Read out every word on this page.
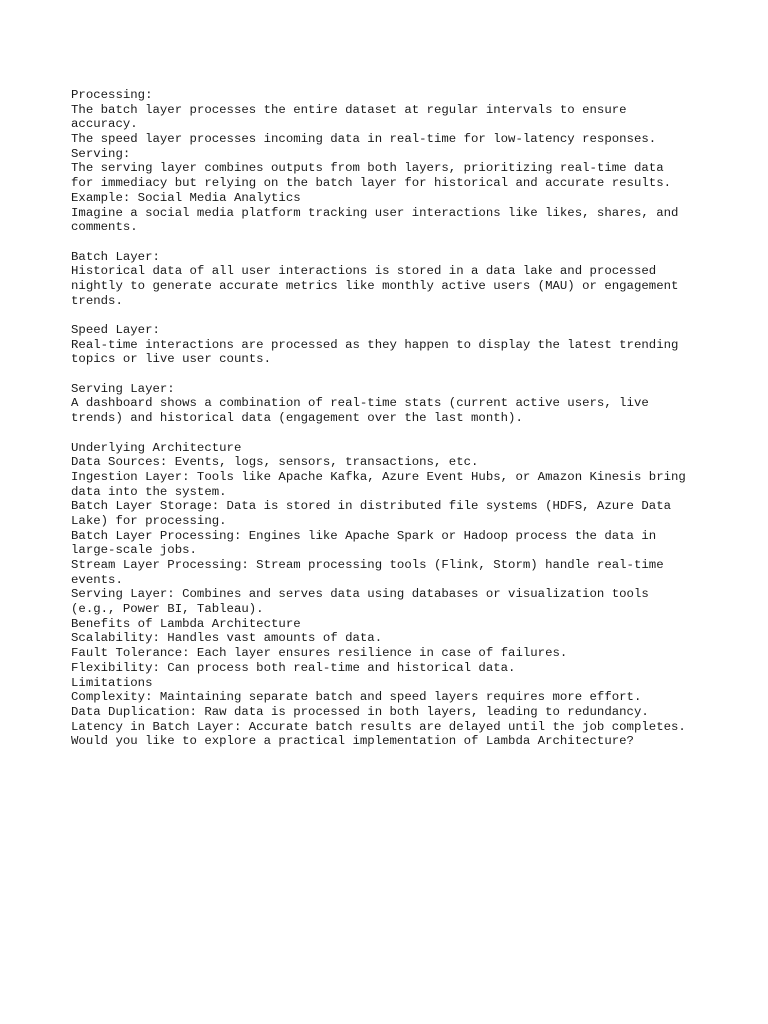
Processing:
The batch layer processes the entire dataset at regular intervals to ensure
accuracy.
The speed layer processes incoming data in real-time for low-latency responses.
Serving:
The serving layer combines outputs from both layers, prioritizing real-time data
for immediacy but relying on the batch layer for historical and accurate results.
Example: Social Media Analytics
Imagine a social media platform tracking user interactions like likes, shares, and
comments.
Batch Layer:
Historical data of all user interactions is stored in a data lake and processed
nightly to generate accurate metrics like monthly active users (MAU) or engagement
trends.
Speed Layer:
Real-time interactions are processed as they happen to display the latest trending
topics or live user counts.
Serving Layer:
A dashboard shows a combination of real-time stats (current active users, live
trends) and historical data (engagement over the last month).
Underlying Architecture
Data Sources: Events, logs, sensors, transactions, etc.
Ingestion Layer: Tools like Apache Kafka, Azure Event Hubs, or Amazon Kinesis bring
data into the system.
Batch Layer Storage: Data is stored in distributed file systems (HDFS, Azure Data
Lake) for processing.
Batch Layer Processing: Engines like Apache Spark or Hadoop process the data in
large-scale jobs.
Stream Layer Processing: Stream processing tools (Flink, Storm) handle real-time
events.
Serving Layer: Combines and serves data using databases or visualization tools
(e.g., Power BI, Tableau).
Benefits of Lambda Architecture
Scalability: Handles vast amounts of data.
Fault Tolerance: Each layer ensures resilience in case of failures.
Flexibility: Can process both real-time and historical data.
Limitations
Complexity: Maintaining separate batch and speed layers requires more effort.
Data Duplication: Raw data is processed in both layers, leading to redundancy.
Latency in Batch Layer: Accurate batch results are delayed until the job completes.
Would you like to explore a practical implementation of Lambda Architecture?
